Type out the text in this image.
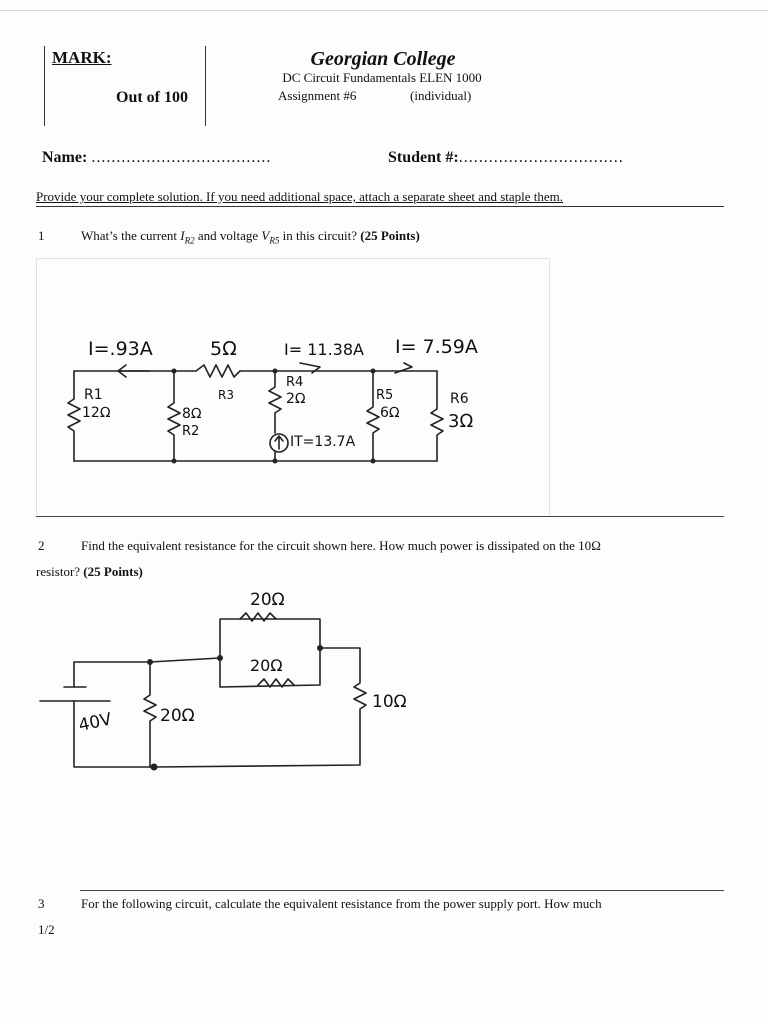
MARK:
Out of 100
Georgian College
DC Circuit Fundamentals ELEN 1000
Assignment #6	(individual)
Name: ....................................	Student #:.................................
Provide your complete solution. If you need additional space, attach a separate sheet and staple them.
1	What’s the current $I_{R2}$ and voltage $V_{R5}$ in this circuit? (25 Points)
I=.93A	5Ω	I= 11.38A I= 7.59A
R1
12Ω
R3
8Ω
R2
R4
2Ω
IT=13.7A
R5
6Ω
R6
3Ω
2	Find the equivalent resistance for the circuit shown here. How much power is dissipated on the 10Ω
resistor? (25 Points)
20Ω
20Ω
20Ω
10Ω
40V
3	For the following circuit, calculate the equivalent resistance from the power supply port. How much
1/2
